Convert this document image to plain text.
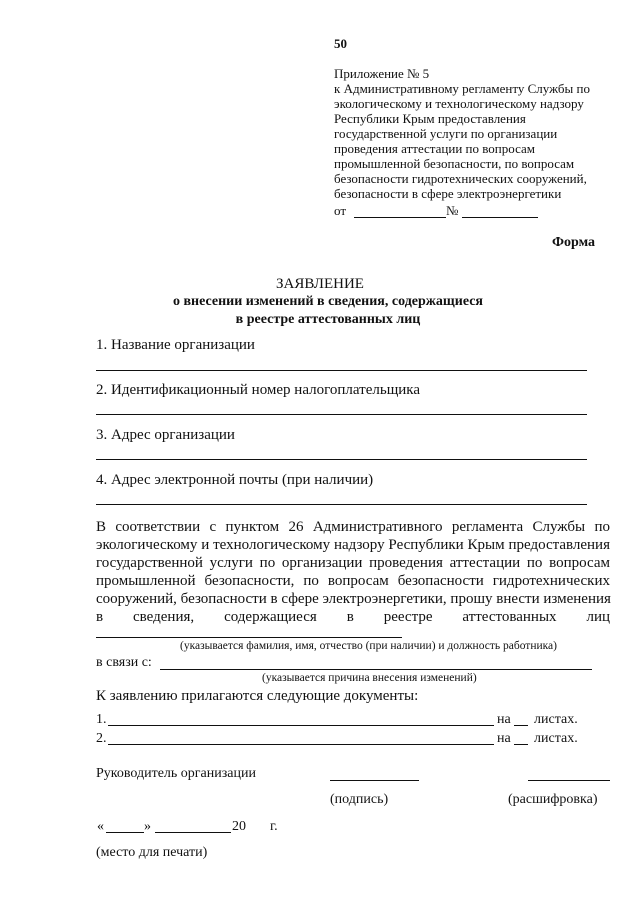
50
Приложение № 5
к Административному регламенту Службы по
экологическому и технологическому надзору
Республики Крым предоставления
государственной услуги по организации
проведения аттестации по вопросам
промышленной безопасности, по вопросам
безопасности гидротехнических сооружений,
безопасности в сфере электроэнергетики
от	№
Форма
ЗАЯВЛЕНИЕ
о внесении изменений в сведения, содержащиеся
в реестре аттестованных лиц
1. Название организации
2. Идентификационный номер налогоплательщика
3. Адрес организации
4. Адрес электронной почты (при наличии)
В соответствии с пунктом 26 Административного регламента Службы по
экологическому и технологическому надзору Республики Крым предоставления
государственной услуги по организации проведения аттестации по вопросам
промышленной безопасности, по вопросам безопасности гидротехнических
сооружений, безопасности в сфере электроэнергетики, прошу внести изменения
в сведения, содержащиеся в реестре аттестованных лиц
(указывается фамилия, имя, отчество (при наличии) и должность работника)
в связи с:
(указывается причина внесения изменений)
К заявлению прилагаются следующие документы:
1.	на листах.
2.	на листах.
Руководитель организации
(подпись)	(расшифровка)
«	»	20 г.
(место для печати)
